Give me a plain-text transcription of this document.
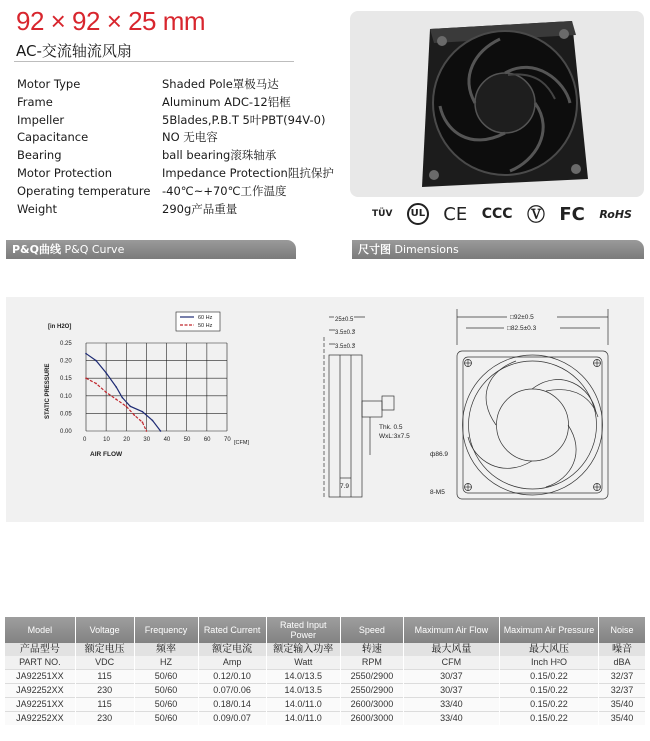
92 × 92 × 25 mm
AC-交流轴流风扇
Motor Type	Shaded Pole罩极马达
Frame	Aluminum ADC-12铝框
Impeller	5Blades,P.B.T 5叶PBT(94V-0)
Capacitance	NO 无电容
Bearing	ball bearing滚珠轴承
Motor Protection	Impedance Protection阻抗保护
Operating temperature	-40℃~+70℃工作温度
Weight	290g产品重量	TÜV	UL CE CCC Ⓥ FC RoHS
P&Q曲线 P&Q Curve	尺寸图 Dimensions
[in H2O]
60 Hz
50 Hz
STATIC PRESSURE
AIR FLOW
[CFM]
0	10 20 30 40 50 60 70
0.25
0.20
0.15
0.10
0.05
0.00
25±0.5
3.5±0.3
3.5±0.3
Thk. 0.5
WxL:3x7.5
7.9
□92±0.5
□82.5±0.3
ф86.9
8-M5
Model	Voltage	Frequency	Rated Current	Rated Input Power	Speed	Maximum Air Flow	Maximum Air Pressure	Noise
产品型号	额定电压	频率	额定电流	额定输入功率	转速	最大风量	最大风压	噪音
PART NO.	VDC	HZ	Amp	Watt	RPM	CFM	Inch H²O	dBA
JA92251XX	115	50/60	0.12/0.10	14.0/13.5	2550/2900	30/37	0.15/0.22	32/37
JA92252XX	230	50/60	0.07/0.06	14.0/13.5	2550/2900	30/37	0.15/0.22	32/37
JA92251XX	115	50/60	0.18/0.14	14.0/11.0	2600/3000	33/40	0.15/0.22	35/40
JA92252XX	230	50/60	0.09/0.07	14.0/11.0	2600/3000	33/40	0.15/0.22	35/40
